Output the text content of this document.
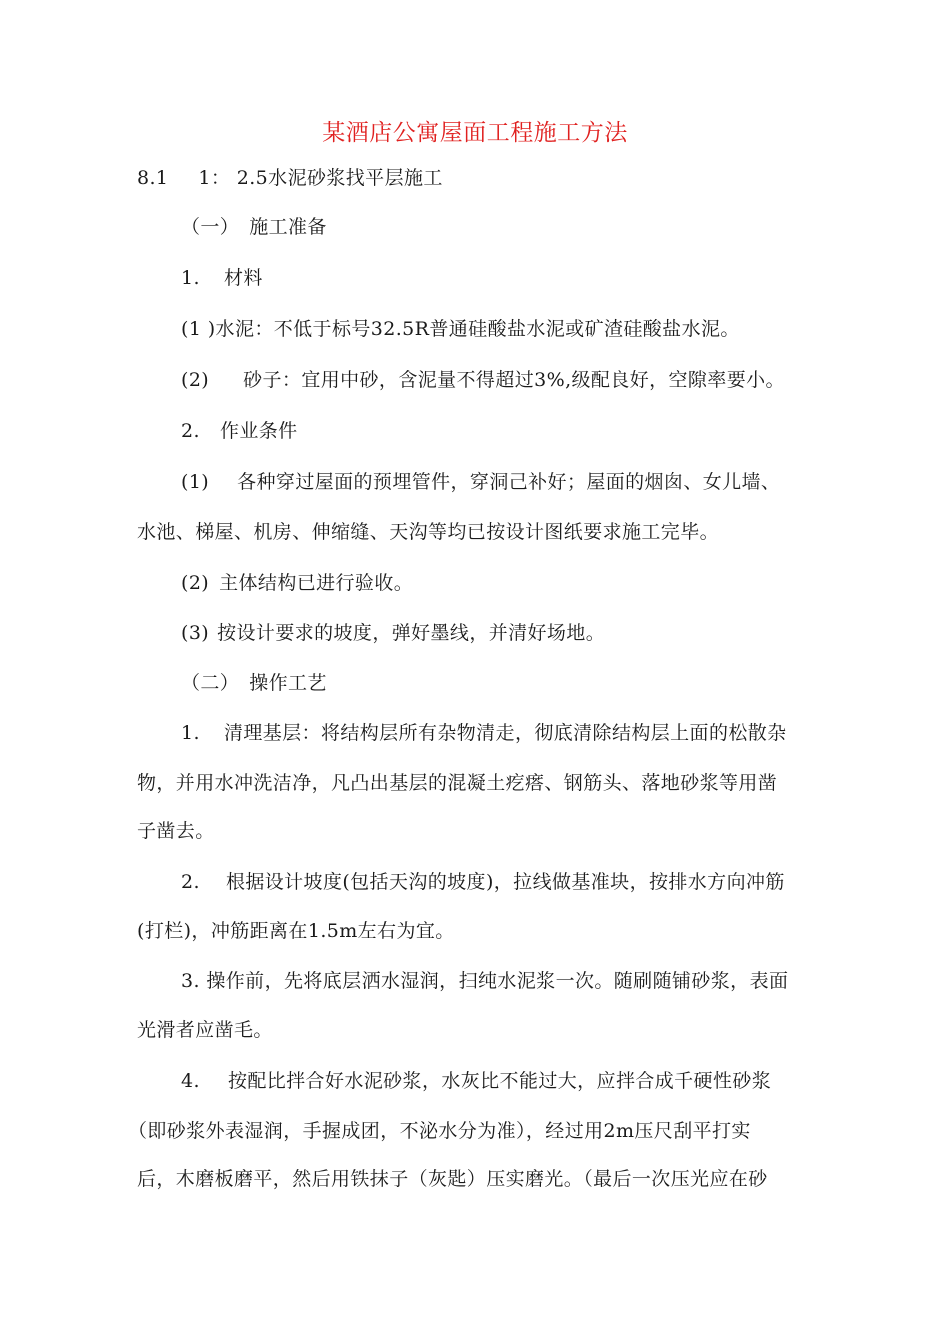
某酒店公寓屋面工程施工方法
8.1 1： 2.5水泥砂浆找平层施工
（一） 施工准备
1. 材料
(1 )水泥：不低于标号32.5R普通硅酸盐水泥或矿渣硅酸盐水泥。
(2) 砂子：宜用中砂，含泥量不得超过3%,级配良好，空隙率要小。
2. 作业条件
(1) 各种穿过屋面的预埋管件，穿洞己补好；屋面的烟囱、女儿墙、
水池、梯屋、机房、伸缩缝、天沟等均已按设计图纸要求施工完毕。
(2) 主体结构已进行验收。
(3) 按设计要求的坡度，弹好墨线，并清好场地。
（二） 操作工艺
1. 清理基层：将结构层所有杂物清走，彻底清除结构层上面的松散杂
物，并用水冲洗洁净，凡凸出基层的混凝土疙瘩、钢筋头、落地砂浆等用凿
子凿去。
2. 根据设计坡度(包括天沟的坡度)，拉线做基准块，按排水方向冲筋
(打栏)，冲筋距离在1.5m左右为宜。
3. 操作前，先将底层洒水湿润，扫纯水泥浆一次。随刷随铺砂浆，表面
光滑者应凿毛。
4. 按配比拌合好水泥砂浆，水灰比不能过大，应拌合成千硬性砂浆
（即砂浆外表湿润，手握成团，不泌水分为准），经过用2m压尺刮平打实
后，木磨板磨平，然后用铁抹子（灰匙）压实磨光。（最后一次压光应在砂
